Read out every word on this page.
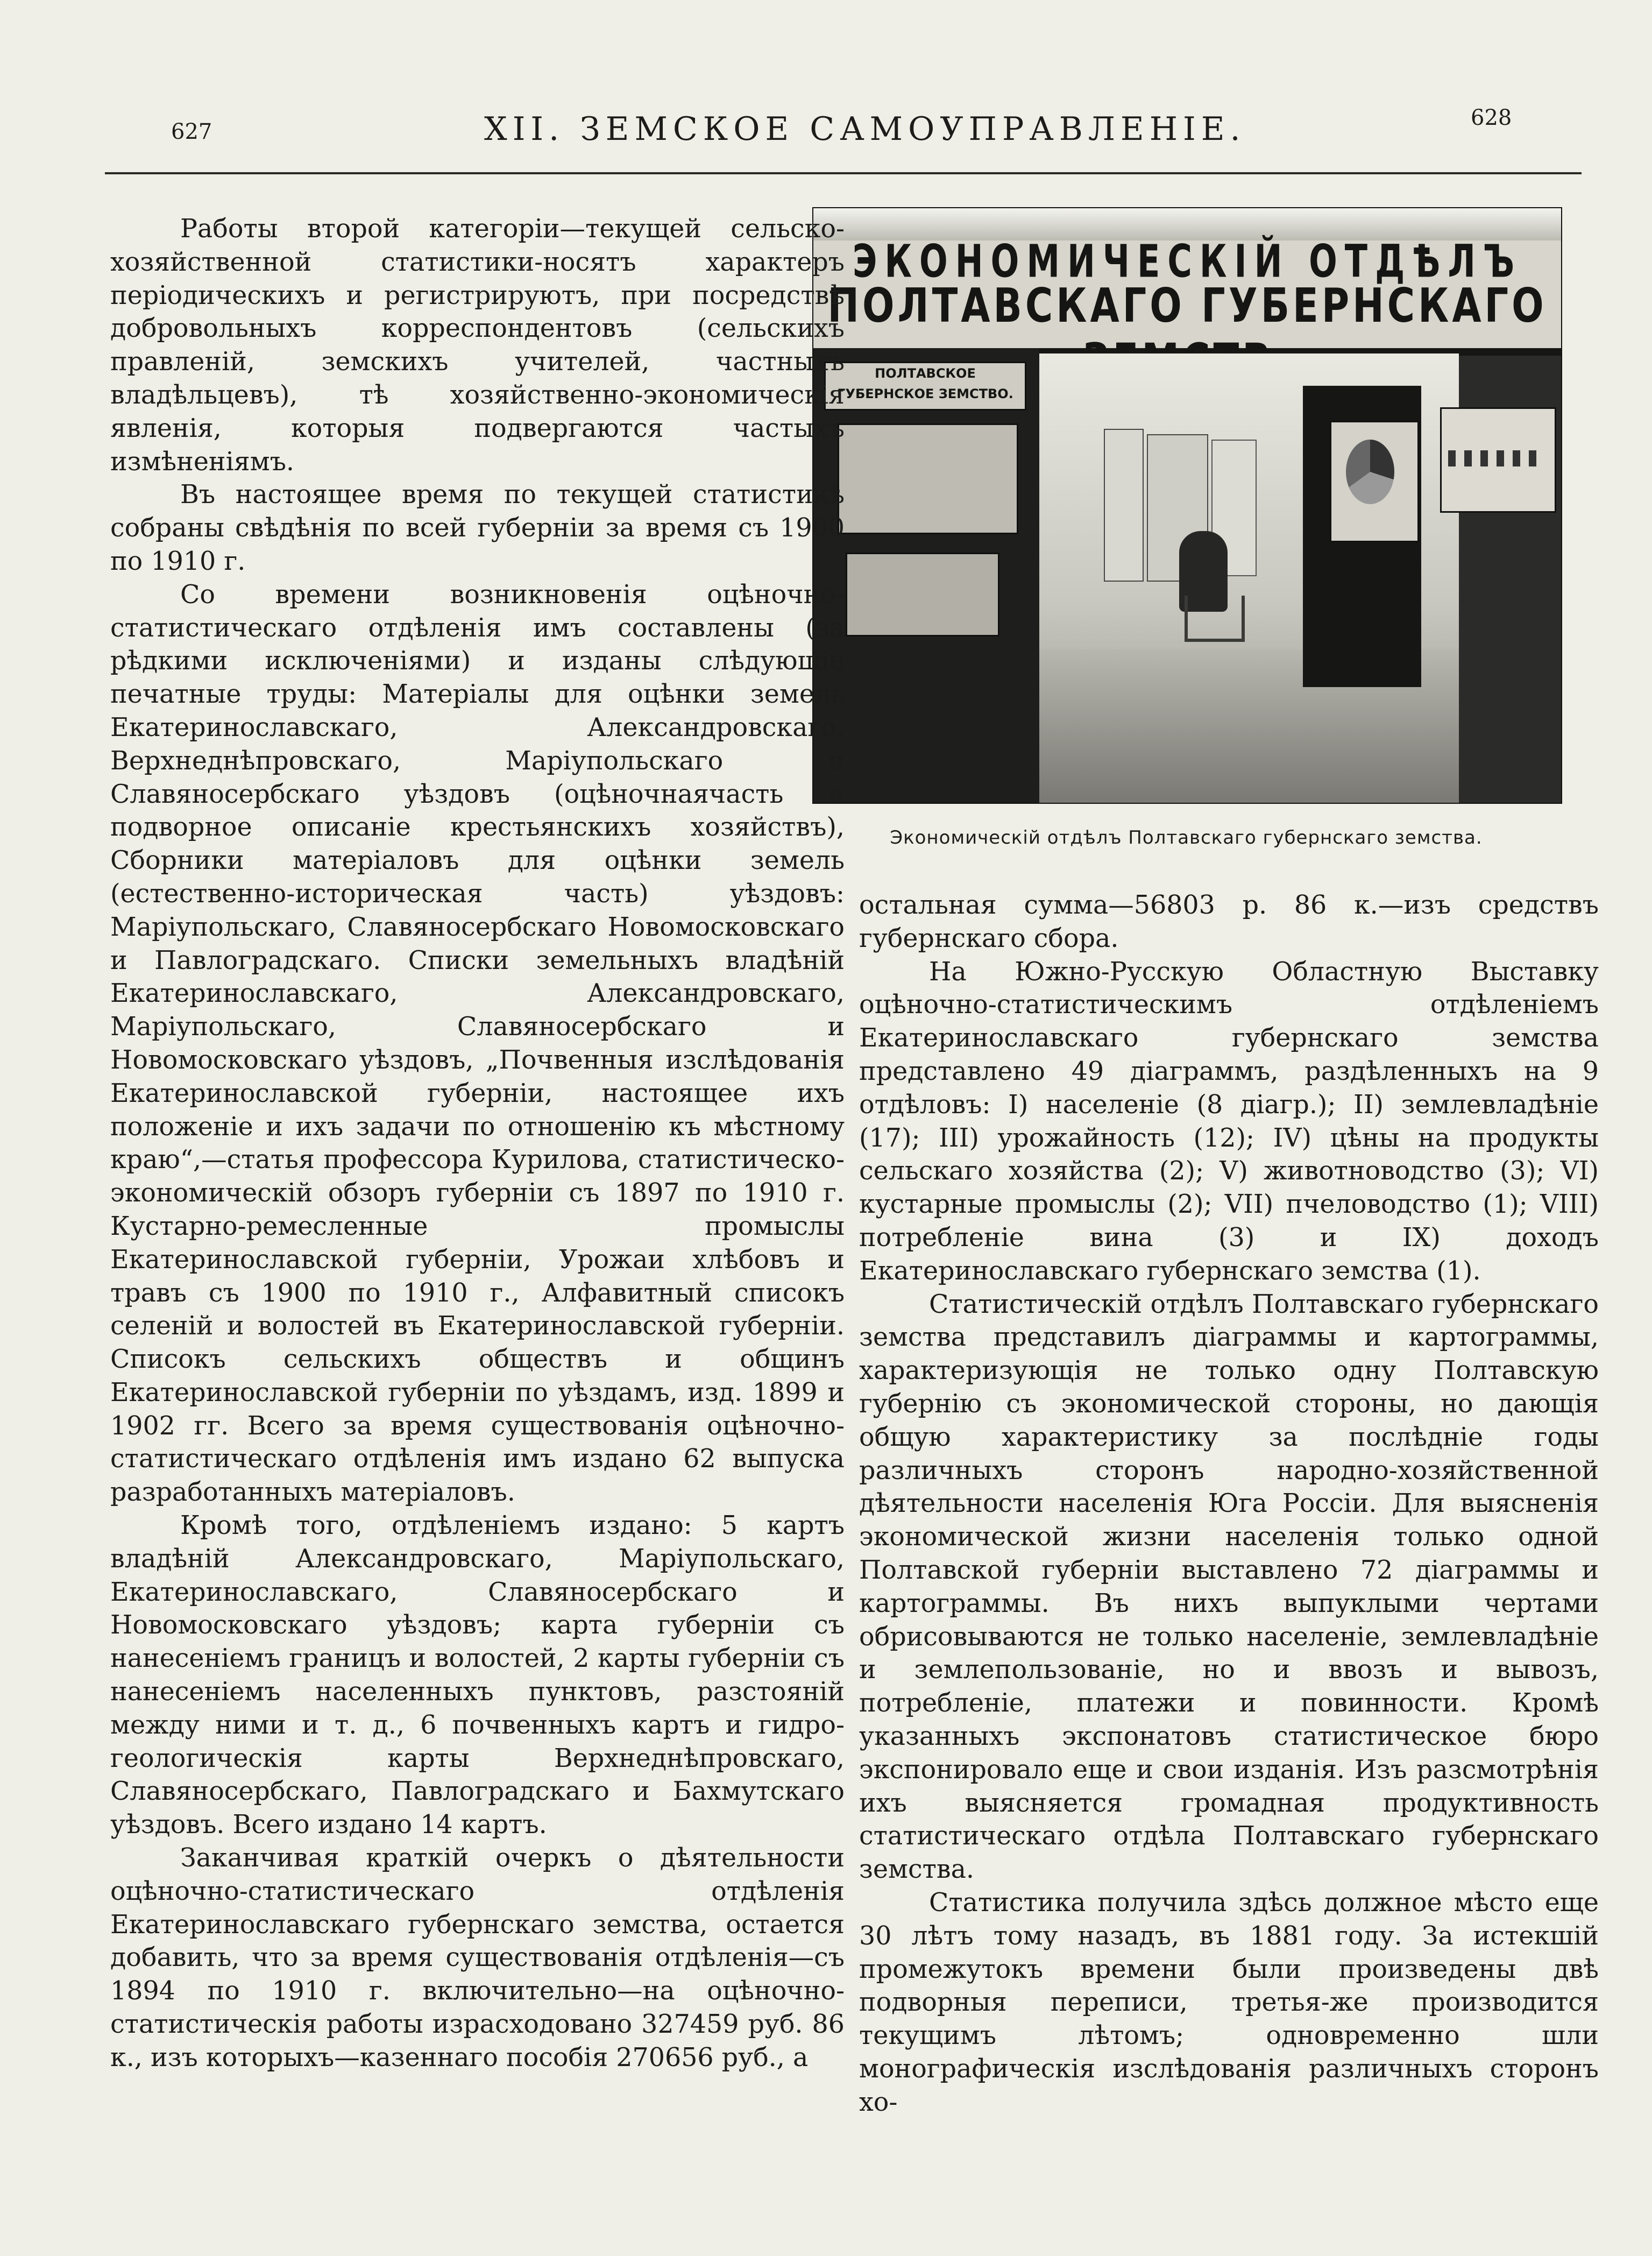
627	XII. ЗЕМСКОЕ САМОУПРАВЛЕНIЕ.	628
ЭКОНОМИЧЕСКIЙ ОТДѢЛЪ
ПОЛТАВСКАГО ГУБЕРНСКАГО
ПОЛТАВСКОЕ ГУБЕРНСКОЕ ЗЕМСТВО.
Экономическiй отдѣлъ Полтавскаго губернскаго земства.

Работы второй категорiи—текущей сельско-хозяйственной статистики-носятъ характеръ перiодическихъ и регистрируютъ, при посредствѣ добровольныхъ корреспондентовъ (сельскихъ правленiй, земскихъ учителей, частныхъ владѣльцевъ), тѣ хозяйственно-экономическiя явленiя, которыя подвергаются частыхъ измѣненiямъ.

Въ настоящее время по текущей статистикѣ собраны свѣдѣнiя по всей губернiи за время съ 1900 по 1910 г.

Со времени возникновенiя оцѣночно-статистическаго отдѣленiя имъ составлены (за рѣдкими исключенiями) и изданы слѣдующiе печатные труды: Матерiалы для оцѣнки земель Екатеринославскаго, Александровскаго, Верхнеднѣпровскаго, Марiупольскаго и Славяносербскаго уѣздовъ (оцѣночнаячасть и подворное описанiе крестьянскихъ хозяйствъ), Сборники матерiаловъ для оцѣнки земель (естественно-историческая часть) уѣздовъ: Марiупольскаго, Славяносербскаго Новомосковскаго и Павлоградскаго. Списки земельныхъ владѣнiй Екатеринославскаго, Александровскаго, Марiупольскаго, Славяносербскаго и Новомосковскаго уѣздовъ, „Почвенныя изслѣдованiя Екатеринославской губернiи, настоящее ихъ положенiе и ихъ задачи по отношенiю къ мѣстному краю“,—статья профессора Курилова, статистическо-экономическiй обзоръ губернiи съ 1897 по 1910 г. Кустарно-ремесленные промыслы Екатеринославской губернiи, Урожаи хлѣбовъ и травъ съ 1900 по 1910 г., Алфавитный списокъ селенiй и волостей въ Екатеринославской губернiи. Списокъ сельскихъ обществъ и общинъ Екатеринославской губернiи по уѣздамъ, изд. 1899 и 1902 гг. Всего за время существованiя оцѣночно-статистическаго отдѣленiя имъ издано 62 выпуска разработанныхъ матерiаловъ.

Кромѣ того, отдѣленiемъ издано: 5 картъ владѣнiй Александровскаго, Марiупольскаго, Екатеринославскаго, Славяносербскаго и Новомосковскаго уѣздовъ; карта губернiи съ нанесенiемъ границъ и волостей, 2 карты губернiи съ нанесенiемъ населенныхъ пунктовъ, разстоянiй между ними и т. д., 6 почвенныхъ картъ и гидро-геологическiя карты Верхнеднѣпровскаго, Славяносербскаго, Павлоградскаго и Бахмутскаго уѣздовъ. Всего издано 14 картъ.

Заканчивая краткiй очеркъ о дѣятельности оцѣночно-статистическаго отдѣленiя Екатеринославскаго губернскаго земства, остается добавить, что за время существованiя отдѣленiя—съ 1894 по 1910 г. включительно—на оцѣночно-статистическiя работы израсходовано 327459 руб. 86 к., изъ которыхъ—казеннаго пособiя 270656 руб., а

остальная сумма—56803 р. 86 к.—изъ средствъ губернскаго сбора.

На Южно-Русскую Областную Выставку оцѣночно-статистическимъ отдѣленiемъ Екатеринославскаго губернскаго земства представлено 49 дiаграммъ, раздѣленныхъ на 9 отдѣловъ: I) населенiе (8 дiагр.); II) землевладѣнiе (17); III) урожайность (12); IV) цѣны на продукты сельскаго хозяйства (2); V) животноводство (3); VI) кустарные промыслы (2); VII) пчеловодство (1); VIII) потребленiе вина (3) и IX) доходъ Екатеринославскаго губернскаго земства (1).

Статистическiй отдѣлъ Полтавскаго губернскаго земства представилъ дiаграммы и картограммы, характеризующiя не только одну Полтавскую губернiю съ экономической стороны, но дающiя общую характеристику за послѣднiе годы различныхъ сторонъ народно-хозяйственной дѣятельности населенiя Юга Россiи. Для выясненiя экономической жизни населенiя только одной Полтавской губернiи выставлено 72 дiаграммы и картограммы. Въ нихъ выпуклыми чертами обрисовываются не только населенiе, землевладѣнiе и землепользованiе, но и ввозъ и вывозъ, потребленiе, платежи и повинности. Кромѣ указанныхъ экспонатовъ статистическое бюро экспонировало еще и свои изданiя. Изъ разсмотрѣнiя ихъ выясняется громадная продуктивность статистическаго отдѣла Полтавскаго губернскаго земства.

Статистика получила здѣсь должное мѣсто еще 30 лѣтъ тому назадъ, въ 1881 году. За истекшiй промежутокъ времени были произведены двѣ подворныя переписи, третья-же производится текущимъ лѣтомъ; одновременно шли монографическiя изслѣдованiя различныхъ сторонъ хо-
